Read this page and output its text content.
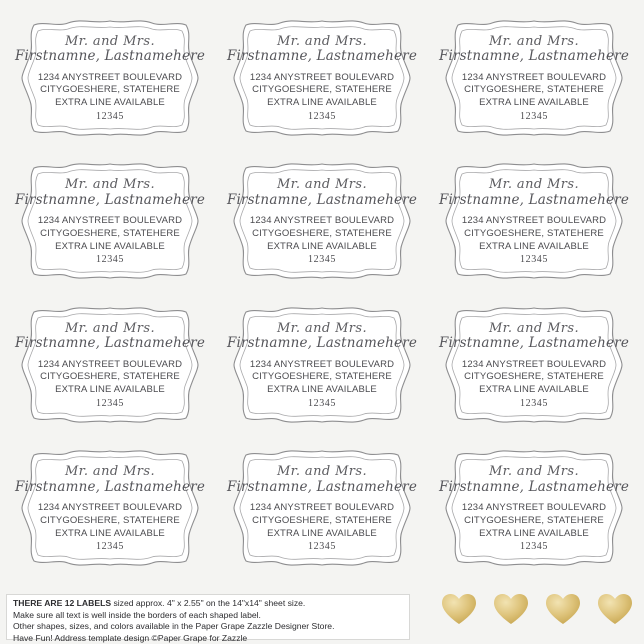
Mr. and Mrs.
Firstnamne, Lastnamehere
1234 ANYSTREET BOULEVARD
CITYGOESHERE, STATEHERE
EXTRA LINE AVAILABLE
12345
Mr. and Mrs.
Firstnamne, Lastnamehere
1234 ANYSTREET BOULEVARD
CITYGOESHERE, STATEHERE
EXTRA LINE AVAILABLE
12345
Mr. and Mrs.
Firstnamne, Lastnamehere
1234 ANYSTREET BOULEVARD
CITYGOESHERE, STATEHERE
EXTRA LINE AVAILABLE
12345
Mr. and Mrs.
Firstnamne, Lastnamehere
1234 ANYSTREET BOULEVARD
CITYGOESHERE, STATEHERE
EXTRA LINE AVAILABLE
12345
Mr. and Mrs.
Firstnamne, Lastnamehere
1234 ANYSTREET BOULEVARD
CITYGOESHERE, STATEHERE
EXTRA LINE AVAILABLE
12345
Mr. and Mrs.
Firstnamne, Lastnamehere
1234 ANYSTREET BOULEVARD
CITYGOESHERE, STATEHERE
EXTRA LINE AVAILABLE
12345
Mr. and Mrs.
Firstnamne, Lastnamehere
1234 ANYSTREET BOULEVARD
CITYGOESHERE, STATEHERE
EXTRA LINE AVAILABLE
12345
Mr. and Mrs.
Firstnamne, Lastnamehere
1234 ANYSTREET BOULEVARD
CITYGOESHERE, STATEHERE
EXTRA LINE AVAILABLE
12345
Mr. and Mrs.
Firstnamne, Lastnamehere
1234 ANYSTREET BOULEVARD
CITYGOESHERE, STATEHERE
EXTRA LINE AVAILABLE
12345
Mr. and Mrs.
Firstnamne, Lastnamehere
1234 ANYSTREET BOULEVARD
CITYGOESHERE, STATEHERE
EXTRA LINE AVAILABLE
12345
Mr. and Mrs.
Firstnamne, Lastnamehere
1234 ANYSTREET BOULEVARD
CITYGOESHERE, STATEHERE
EXTRA LINE AVAILABLE
12345
Mr. and Mrs.
Firstnamne, Lastnamehere
1234 ANYSTREET BOULEVARD
CITYGOESHERE, STATEHERE
EXTRA LINE AVAILABLE
12345
THERE ARE 12 LABELS sized approx. 4" x 2.55" on the 14"x14" sheet size.
Make sure all text is well inside the borders of each shaped label.
Other shapes, sizes, and colors available in the Paper Grape Zazzle Designer Store.
Have Fun! Address template design ©Paper Grape for Zazzle
